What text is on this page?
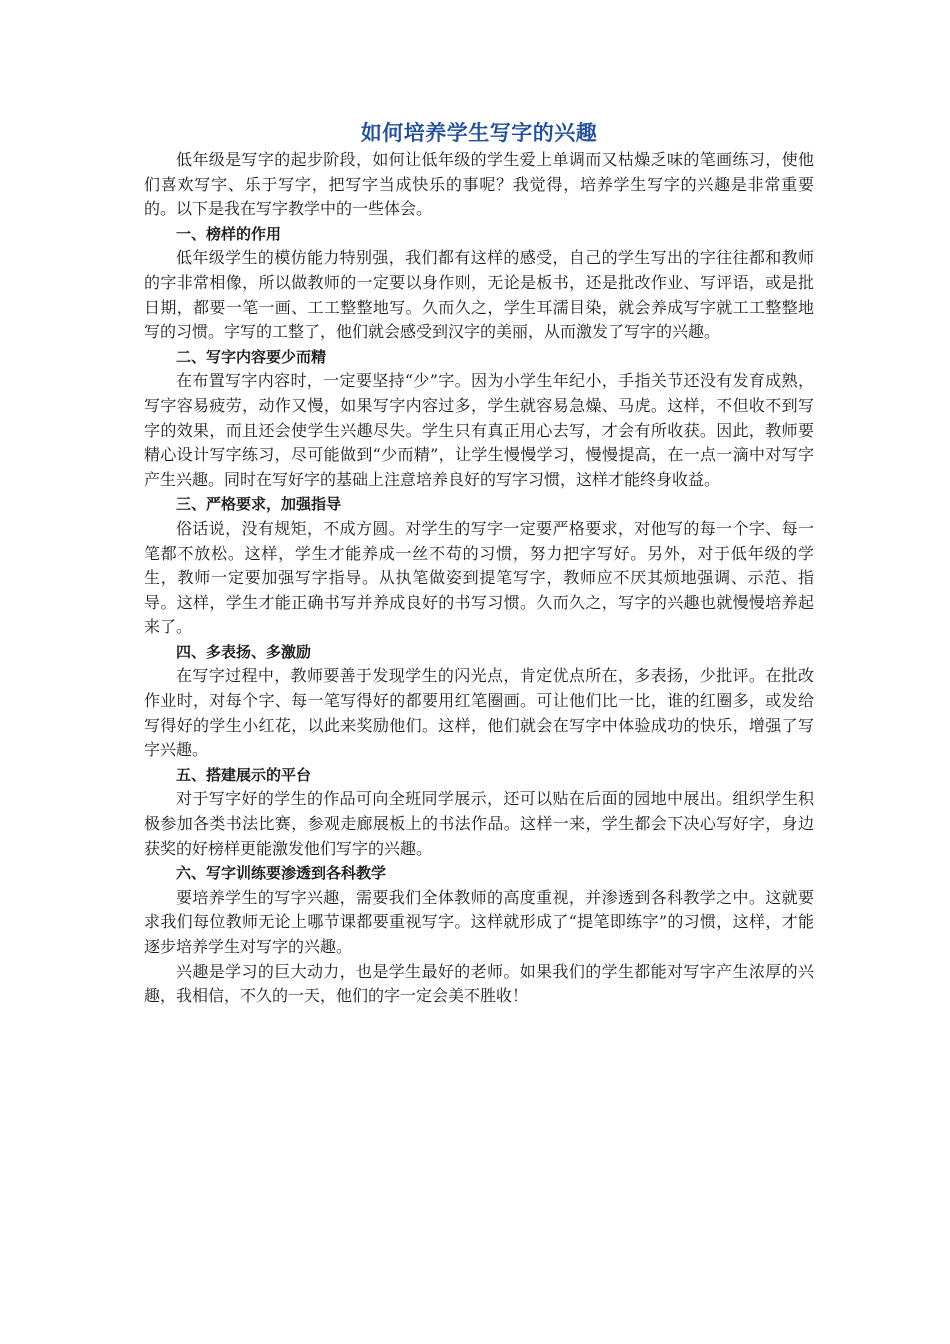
如何培养学生写字的兴趣

低年级是写字的起步阶段，如何让低年级的学生爱上单调而又枯燥乏味的笔画练习，使他们喜欢写字、乐于写字，把写字当成快乐的事呢？我觉得，培养学生写字的兴趣是非常重要的。以下是我在写字教学中的一些体会。

一、榜样的作用

低年级学生的模仿能力特别强，我们都有这样的感受，自己的学生写出的字往往都和教师的字非常相像，所以做教师的一定要以身作则，无论是板书，还是批改作业、写评语，或是批日期，都要一笔一画、工工整整地写。久而久之，学生耳濡目染，就会养成写字就工工整整地写的习惯。字写的工整了，他们就会感受到汉字的美丽，从而激发了写字的兴趣。

二、写字内容要少而精

在布置写字内容时，一定要坚持“少”字。因为小学生年纪小，手指关节还没有发育成熟，写字容易疲劳，动作又慢，如果写字内容过多，学生就容易急燥、马虎。这样，不但收不到写字的效果，而且还会使学生兴趣尽失。学生只有真正用心去写，才会有所收获。因此，教师要精心设计写字练习，尽可能做到“少而精”，让学生慢慢学习，慢慢提高，在一点一滴中对写字产生兴趣。同时在写好字的基础上注意培养良好的写字习惯，这样才能终身收益。

三、严格要求，加强指导

俗话说，没有规矩，不成方圆。对学生的写字一定要严格要求，对他写的每一个字、每一笔都不放松。这样，学生才能养成一丝不苟的习惯，努力把字写好。另外，对于低年级的学生，教师一定要加强写字指导。从执笔做姿到提笔写字，教师应不厌其烦地强调、示范、指导。这样，学生才能正确书写并养成良好的书写习惯。久而久之，写字的兴趣也就慢慢培养起来了。

四、多表扬、多激励

在写字过程中，教师要善于发现学生的闪光点，肯定优点所在，多表扬，少批评。在批改作业时，对每个字、每一笔写得好的都要用红笔圈画。可让他们比一比，谁的红圈多，或发给写得好的学生小红花，以此来奖励他们。这样，他们就会在写字中体验成功的快乐，增强了写字兴趣。

五、搭建展示的平台

对于写字好的学生的作品可向全班同学展示，还可以贴在后面的园地中展出。组织学生积极参加各类书法比赛，参观走廊展板上的书法作品。这样一来，学生都会下决心写好字，身边获奖的好榜样更能激发他们写字的兴趣。

六、写字训练要渗透到各科教学

要培养学生的写字兴趣，需要我们全体教师的高度重视，并渗透到各科教学之中。这就要求我们每位教师无论上哪节课都要重视写字。这样就形成了“提笔即练字”的习惯，这样，才能逐步培养学生对写字的兴趣。

兴趣是学习的巨大动力，也是学生最好的老师。如果我们的学生都能对写字产生浓厚的兴趣，我相信，不久的一天，他们的字一定会美不胜收！
